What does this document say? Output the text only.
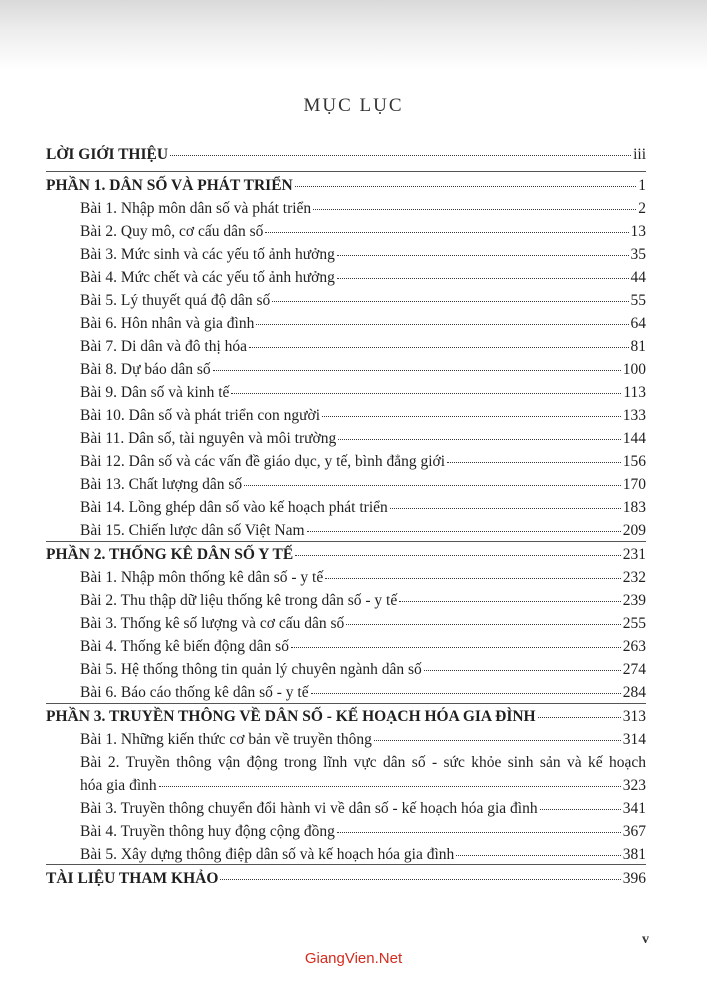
MỤC LỤC
LỜI GIỚI THIỆU	iii
PHẦN 1. DÂN SỐ VÀ PHÁT TRIỂN	1
Bài 1. Nhập môn dân số và phát triển	2
Bài 2. Quy mô, cơ cấu dân số	13
Bài 3. Mức sinh và các yếu tố ảnh hưởng	35
Bài 4. Mức chết và các yếu tố ảnh hưởng	44
Bài 5. Lý thuyết quá độ dân số	55
Bài 6. Hôn nhân và gia đình	64
Bài 7. Di dân và đô thị hóa	81
Bài 8. Dự báo dân số	100
Bài 9. Dân số và kinh tế	113
Bài 10. Dân số và phát triển con người	133
Bài 11. Dân số, tài nguyên và môi trường	144
Bài 12. Dân số và các vấn đề giáo dục, y tế, bình đẳng giới	156
Bài 13. Chất lượng dân số	170
Bài 14. Lồng ghép dân số vào kế hoạch phát triển	183
Bài 15. Chiến lược dân số Việt Nam	209
PHẦN 2. THỐNG KÊ DÂN SỐ Y TẾ	231
Bài 1. Nhập môn thống kê dân số - y tế	232
Bài 2. Thu thập dữ liệu thống kê trong dân số - y tế	239
Bài 3. Thống kê số lượng và cơ cấu dân số	255
Bài 4. Thống kê biến động dân số	263
Bài 5. Hệ thống thông tin quản lý chuyên ngành dân số	274
Bài 6. Báo cáo thống kê dân số - y tế	284
PHẦN 3. TRUYỀN THÔNG VỀ DÂN SỐ - KẾ HOẠCH HÓA GIA ĐÌNH	313
Bài 1. Những kiến thức cơ bản về truyền thông	314
Bài 2. Truyền thông vận động trong lĩnh vực dân số - sức khỏe sinh sản và kế hoạch
hóa gia đình	323
Bài 3. Truyền thông chuyển đổi hành vi về dân số - kế hoạch hóa gia đình	341
Bài 4. Truyền thông huy động cộng đồng	367
Bài 5. Xây dựng thông điệp dân số và kế hoạch hóa gia đình	381
TÀI LIỆU THAM KHẢO	396
v
GiangVien.Net
